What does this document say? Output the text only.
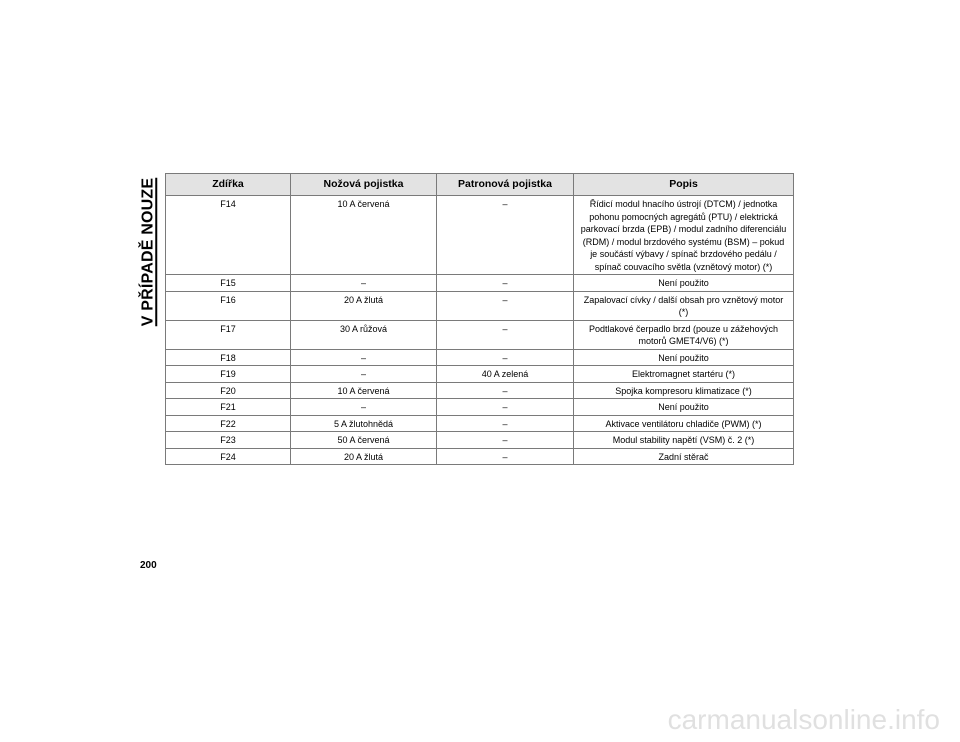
V PŘÍPADĚ NOUZE	Zdířka	Nožová pojistka	Patronová pojistka	Popis
F14	10 A červená	–	Řídicí modul hnacího ústrojí (DTCM) / jednotka pohonu pomocných agregátů (PTU) / elektrická parkovací brzda (EPB) / modul zadního diferenciálu (RDM) / modul brzdového systému (BSM) – pokud je součástí výbavy / spínač brzdového pedálu / spínač couvacího světla (vznětový motor) (*)
F15	–	–	Není použito
F16	20 A žlutá	–	Zapalovací cívky / další obsah pro vznětový motor (*)
F17	30 A růžová	–	Podtlakové čerpadlo brzd (pouze u zážehových motorů GMET4/V6) (*)
F18	–	–	Není použito
F19	–	40 A zelená	Elektromagnet startéru (*)
F20	10 A červená	–	Spojka kompresoru klimatizace (*)
F21	–	–	Není použito
F22	5 A žlutohnědá	–	Aktivace ventilátoru chladiče (PWM) (*)
F23	50 A červená	–	Modul stability napětí (VSM) č. 2 (*)
F24	20 A žlutá	–	Zadní stěrač
200
carmanualsonline.info
